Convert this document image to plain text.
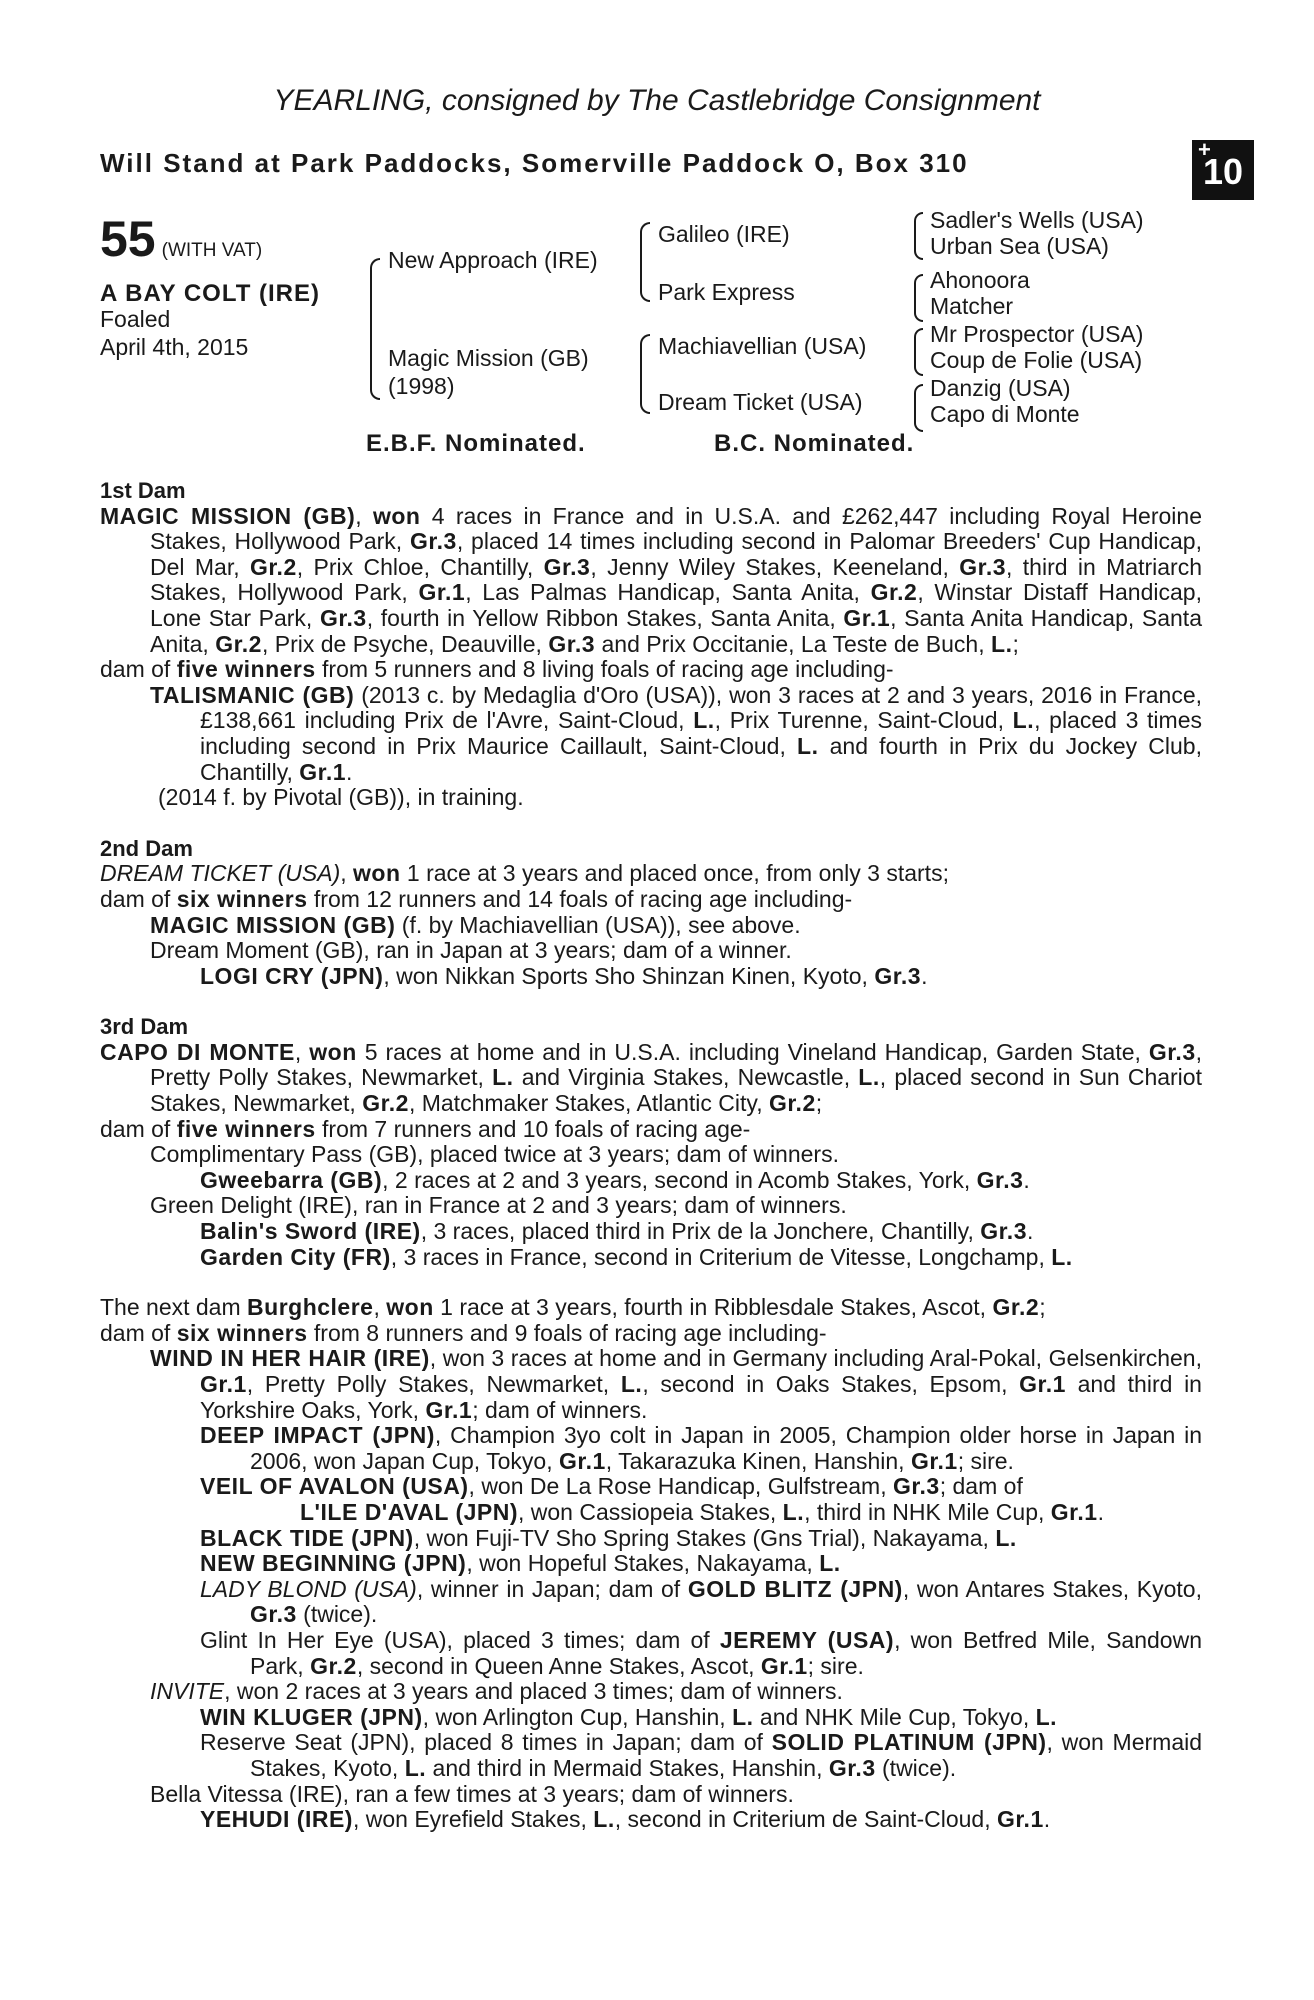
YEARLING, consigned by The Castlebridge Consignment
Will Stand at Park Paddocks, Somerville Paddock O, Box 310	+
10
55 (WITH VAT)
A BAY COLT (IRE)
Foaled
April 4th, 2015
New Approach (IRE)
Magic Mission (GB)
(1998)
Galileo (IRE)
Park Express
Machiavellian (USA)
Dream Ticket (USA)
Sadler's Wells (USA)
Urban Sea (USA)
Ahonoora
Matcher
Mr Prospector (USA)
Coup de Folie (USA)
Danzig (USA)
Capo di Monte
E.B.F. Nominated.	B.C. Nominated.
1st Dam
MAGIC MISSION (GB), won 4 races in France and in U.S.A. and £262,447 including Royal Heroine Stakes, Hollywood Park, Gr.3, placed 14 times including second in Palomar Breeders' Cup Handicap, Del Mar, Gr.2, Prix Chloe, Chantilly, Gr.3, Jenny Wiley Stakes, Keeneland, Gr.3, third in Matriarch Stakes, Hollywood Park, Gr.1, Las Palmas Handicap, Santa Anita, Gr.2, Winstar Distaff Handicap, Lone Star Park, Gr.3, fourth in Yellow Ribbon Stakes, Santa Anita, Gr.1, Santa Anita Handicap, Santa Anita, Gr.2, Prix de Psyche, Deauville, Gr.3 and Prix Occitanie, La Teste de Buch, L.;
dam of five winners from 5 runners and 8 living foals of racing age including-
TALISMANIC (GB) (2013 c. by Medaglia d'Oro (USA)), won 3 races at 2 and 3 years, 2016 in France, £138,661 including Prix de l'Avre, Saint-Cloud, L., Prix Turenne, Saint-Cloud, L., placed 3 times including second in Prix Maurice Caillault, Saint-Cloud, L. and fourth in Prix du Jockey Club, Chantilly, Gr.1.
(2014 f. by Pivotal (GB)), in training.
2nd Dam
DREAM TICKET (USA), won 1 race at 3 years and placed once, from only 3 starts;
dam of six winners from 12 runners and 14 foals of racing age including-
MAGIC MISSION (GB) (f. by Machiavellian (USA)), see above.
Dream Moment (GB), ran in Japan at 3 years; dam of a winner.
LOGI CRY (JPN), won Nikkan Sports Sho Shinzan Kinen, Kyoto, Gr.3.
3rd Dam
CAPO DI MONTE, won 5 races at home and in U.S.A. including Vineland Handicap, Garden State, Gr.3, Pretty Polly Stakes, Newmarket, L. and Virginia Stakes, Newcastle, L., placed second in Sun Chariot Stakes, Newmarket, Gr.2, Matchmaker Stakes, Atlantic City, Gr.2;
dam of five winners from 7 runners and 10 foals of racing age-
Complimentary Pass (GB), placed twice at 3 years; dam of winners.
Gweebarra (GB), 2 races at 2 and 3 years, second in Acomb Stakes, York, Gr.3.
Green Delight (IRE), ran in France at 2 and 3 years; dam of winners.
Balin's Sword (IRE), 3 races, placed third in Prix de la Jonchere, Chantilly, Gr.3.
Garden City (FR), 3 races in France, second in Criterium de Vitesse, Longchamp, L.
The next dam Burghclere, won 1 race at 3 years, fourth in Ribblesdale Stakes, Ascot, Gr.2;
dam of six winners from 8 runners and 9 foals of racing age including-
WIND IN HER HAIR (IRE), won 3 races at home and in Germany including Aral-Pokal, Gelsenkirchen, Gr.1, Pretty Polly Stakes, Newmarket, L., second in Oaks Stakes, Epsom, Gr.1 and third in Yorkshire Oaks, York, Gr.1; dam of winners.
DEEP IMPACT (JPN), Champion 3yo colt in Japan in 2005, Champion older horse in Japan in 2006, won Japan Cup, Tokyo, Gr.1, Takarazuka Kinen, Hanshin, Gr.1; sire.
VEIL OF AVALON (USA), won De La Rose Handicap, Gulfstream, Gr.3; dam of
L'ILE D'AVAL (JPN), won Cassiopeia Stakes, L., third in NHK Mile Cup, Gr.1.
BLACK TIDE (JPN), won Fuji-TV Sho Spring Stakes (Gns Trial), Nakayama, L.
NEW BEGINNING (JPN), won Hopeful Stakes, Nakayama, L.
LADY BLOND (USA), winner in Japan; dam of GOLD BLITZ (JPN), won Antares Stakes, Kyoto, Gr.3 (twice).
Glint In Her Eye (USA), placed 3 times; dam of JEREMY (USA), won Betfred Mile, Sandown Park, Gr.2, second in Queen Anne Stakes, Ascot, Gr.1; sire.
INVITE, won 2 races at 3 years and placed 3 times; dam of winners.
WIN KLUGER (JPN), won Arlington Cup, Hanshin, L. and NHK Mile Cup, Tokyo, L.
Reserve Seat (JPN), placed 8 times in Japan; dam of SOLID PLATINUM (JPN), won Mermaid Stakes, Kyoto, L. and third in Mermaid Stakes, Hanshin, Gr.3 (twice).
Bella Vitessa (IRE), ran a few times at 3 years; dam of winners.
YEHUDI (IRE), won Eyrefield Stakes, L., second in Criterium de Saint-Cloud, Gr.1.
